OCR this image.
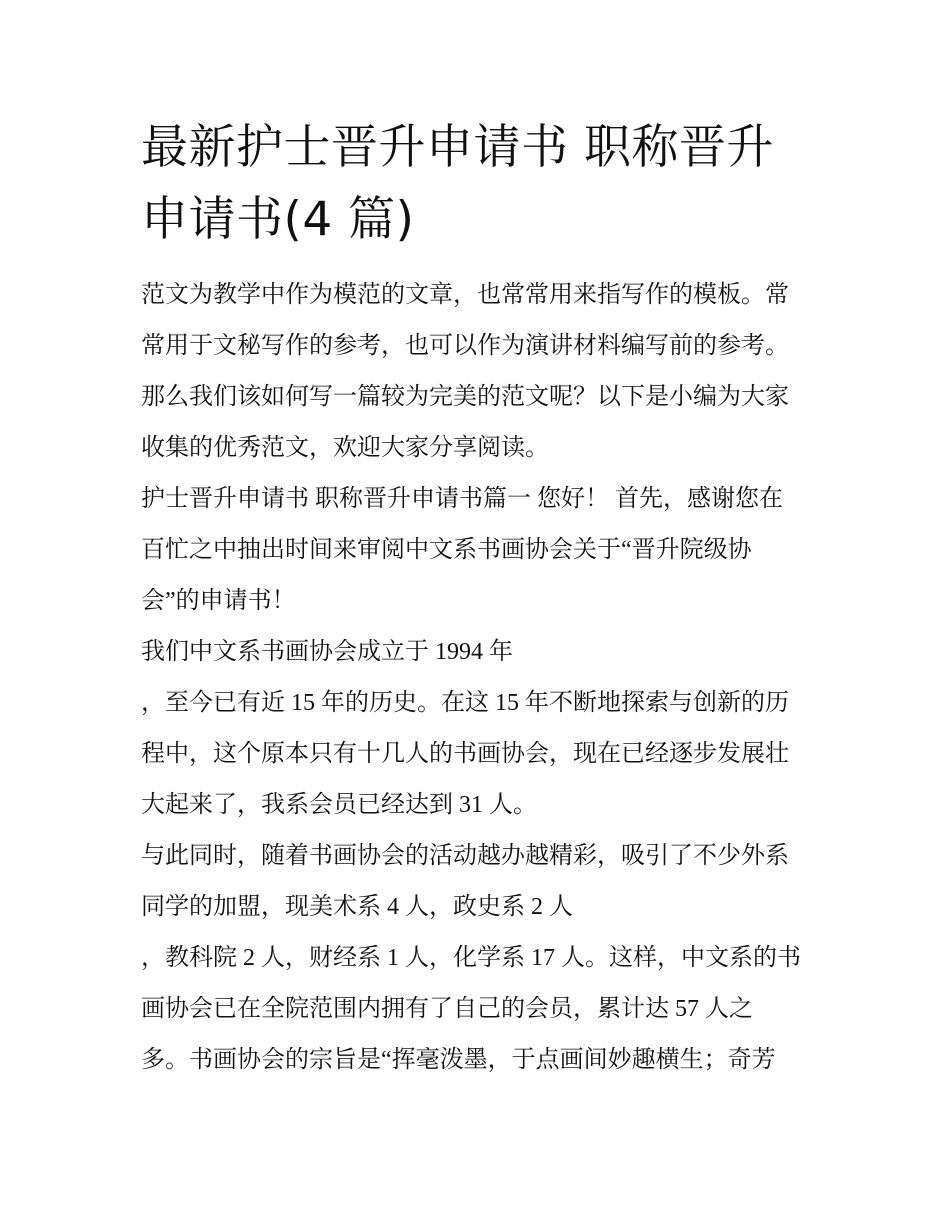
最新护士晋升申请书 职称晋升
申请书(4 篇)

范文为教学中作为模范的文章，也常常用来指写作的模板。常

常用于文秘写作的参考，也可以作为演讲材料编写前的参考。

那么我们该如何写一篇较为完美的范文呢？以下是小编为大家

收集的优秀范文，欢迎大家分享阅读。

护士晋升申请书 职称晋升申请书篇一 您好！ 首先，感谢您在

百忙之中抽出时间来审阅中文系书画协会关于“晋升院级协

会”的申请书！

我们中文系书画协会成立于 1994 年

，至今已有近 15 年的历史。在这 15 年不断地探索与创新的历

程中，这个原本只有十几人的书画协会，现在已经逐步发展壮

大起来了，我系会员已经达到 31 人。

与此同时，随着书画协会的活动越办越精彩，吸引了不少外系

同学的加盟，现美术系 4 人，政史系 2 人

，教科院 2 人，财经系 1 人，化学系 17 人。这样，中文系的书

画协会已在全院范围内拥有了自己的会员，累计达 57 人之

多。书画协会的宗旨是“挥毫泼墨，于点画间妙趣横生；奇芳
